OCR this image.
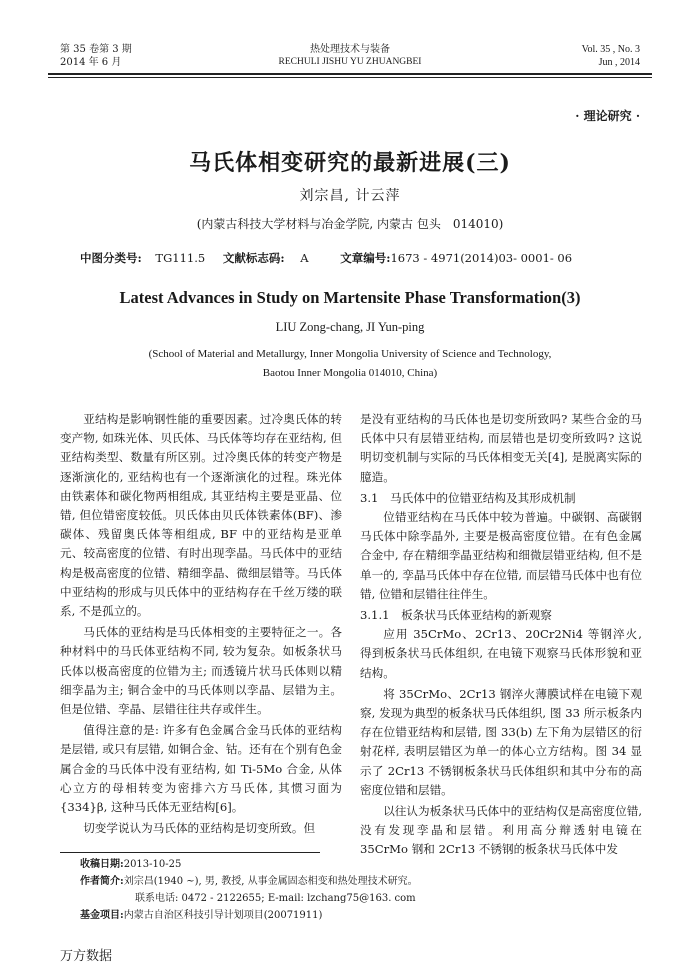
第 35 卷第 3 期
2014 年 6 月
热处理技术与装备
RECHULI JISHU YU ZHUANGBEI
Vol. 35 , No. 3
Jun , 2014
· 理论研究 ·
马氏体相变研究的最新进展(三)
刘宗昌, 计云萍
(内蒙古科技大学材料与冶金学院, 内蒙古 包头　014010)
中图分类号: TG111.5 文献标志码: A	文章编号:1673 - 4971(2014)03- 0001- 06
Latest Advances in Study on Martensite Phase Transformation(3)
LIU Zong-chang, JI Yun-ping
(School of Material and Metallurgy, Inner Mongolia University of Science and Technology,
Baotou Inner Mongolia 014010, China)

亚结构是影响钢性能的重要因素。过冷奥氏体的转变产物, 如珠光体、贝氏体、马氏体等均存在亚结构, 但亚结构类型、数量有所区别。过冷奥氏体的转变产物是逐渐演化的, 亚结构也有一个逐渐演化的过程。珠光体由铁素体和碳化物两相组成, 其亚结构主要是亚晶、位错, 但位错密度较低。贝氏体由贝氏体铁素体(BF)、渗碳体、残留奥氏体等相组成, BF 中的亚结构是亚单元、较高密度的位错、有时出现孪晶。马氏体中的亚结构是极高密度的位错、精细孪晶、微细层错等。马氏体中亚结构的形成与贝氏体中的亚结构存在千丝万缕的联系, 不是孤立的。

马氏体的亚结构是马氏体相变的主要特征之一。各种材料中的马氏体亚结构不同, 较为复杂。如板条状马氏体以极高密度的位错为主; 而透镜片状马氏体则以精细孪晶为主; 铜合金中的马氏体则以孪晶、层错为主。但是位错、孪晶、层错往往共存或伴生。

值得注意的是: 许多有色金属合金马氏体的亚结构是层错, 或只有层错, 如铜合金、钴。还有在个别有色金属合金的马氏体中没有亚结构, 如 Ti-5Mo 合金, 从体心立方的母相转变为密排六方马氏体, 其惯习面为 {334}β, 这种马氏体无亚结构[6]。

切变学说认为马氏体的亚结构是切变所致。但

是没有亚结构的马氏体也是切变所致吗? 某些合金的马氏体中只有层错亚结构, 而层错也是切变所致吗? 这说明切变机制与实际的马氏体相变无关[4], 是脱离实际的臆造。

3.1　马氏体中的位错亚结构及其形成机制

位错亚结构在马氏体中较为普遍。中碳钢、高碳钢马氏体中除孪晶外, 主要是极高密度位错。在有色金属合金中, 存在精细孪晶亚结构和细微层错亚结构, 但不是单一的, 孪晶马氏体中存在位错, 而层错马氏体中也有位错, 位错和层错往往伴生。

3.1.1　板条状马氏体亚结构的新观察

应用 35CrMo、2Cr13、20Cr2Ni4 等钢淬火, 得到板条状马氏体组织, 在电镜下观察马氏体形貌和亚结构。

将 35CrMo、2Cr13 钢淬火薄膜试样在电镜下观察, 发现为典型的板条状马氏体组织, 图 33 所示板条内存在位错亚结构和层错, 图 33(b) 左下角为层错区的衍射花样, 表明层错区为单一的体心立方结构。图 34 显示了 2Cr13 不锈钢板条状马氏体组织和其中分布的高密度位错和层错。

以往认为板条状马氏体中的亚结构仅是高密度位错, 没有发现孪晶和层错。利用高分辩透射电镜在 35CrMo 钢和 2Cr13 不锈钢的板条状马氏体中发

收稿日期:2013-10-25
作者简介:刘宗昌(1940 ~), 男, 教授, 从事金属固态相变和热处理技术研究。
联系电话: 0472 - 2122655; E-mail: lzchang75@163. com
基金项目:内蒙古自治区科技引导计划项目(20071911)
万方数据
